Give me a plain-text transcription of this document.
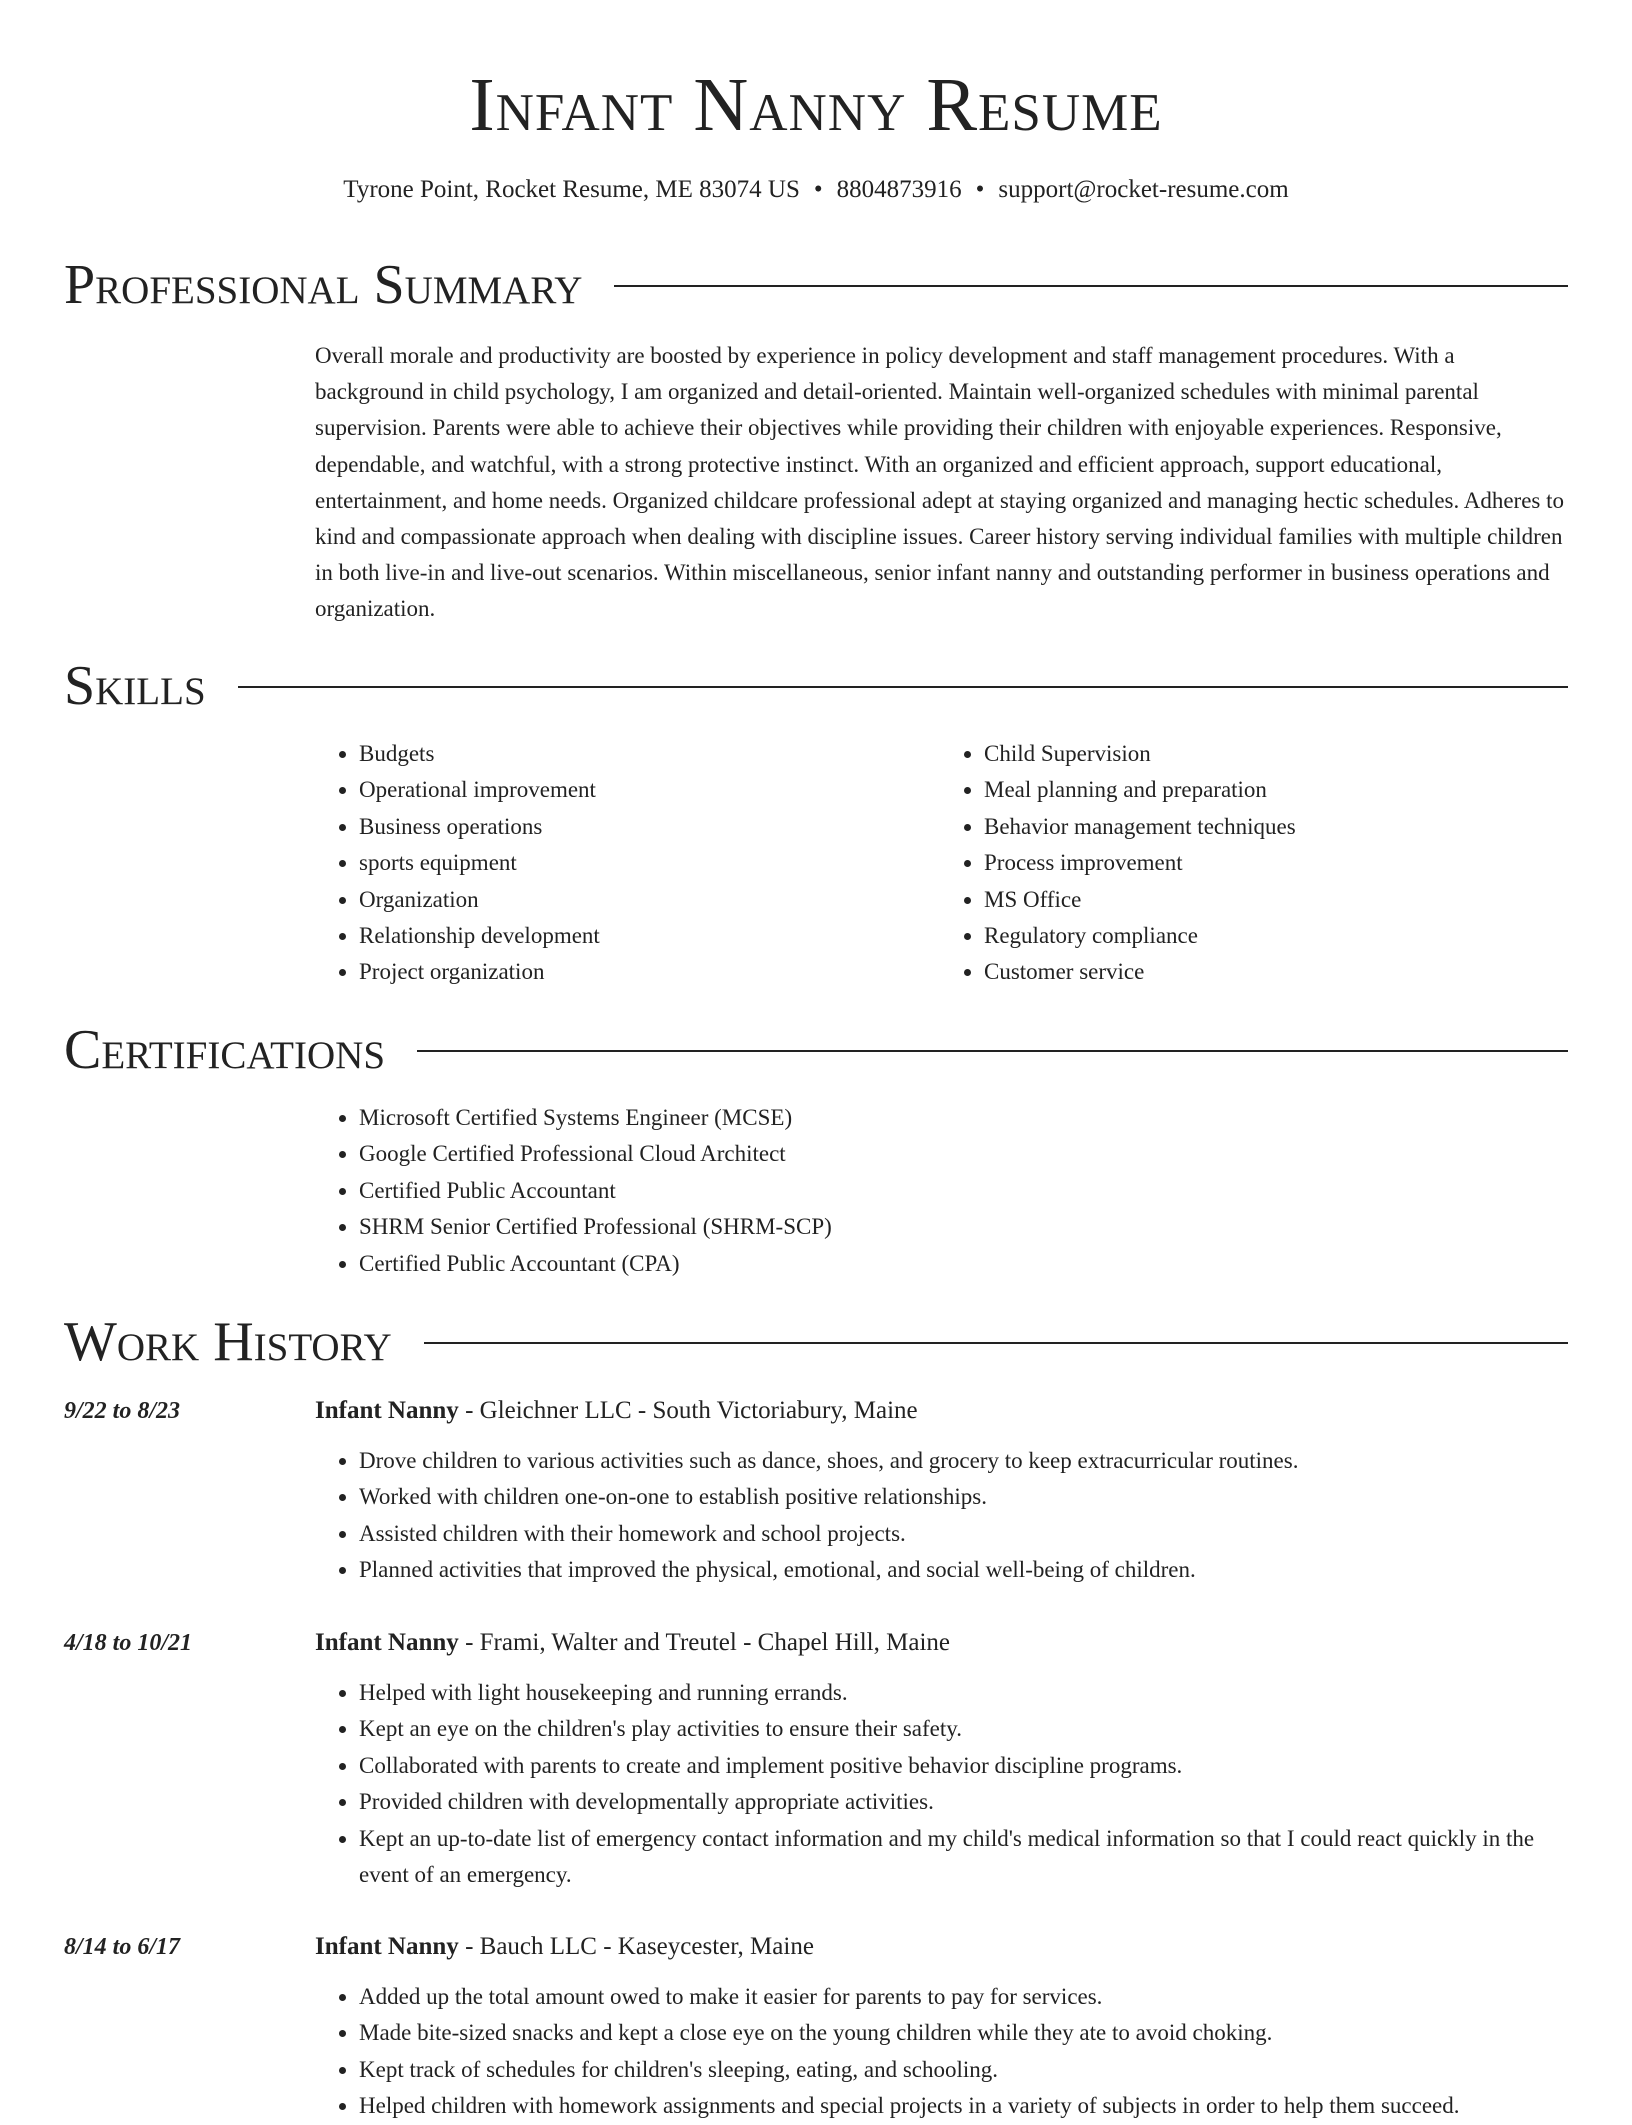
Infant Nanny Resume
Tyrone Point, Rocket Resume, ME 83074 US • 8804873916 • support@rocket-resume.com
Professional Summary

Overall morale and productivity are boosted by experience in policy development and staff management procedures. With a background in child psychology, I am organized and detail-oriented. Maintain well-organized schedules with minimal parental supervision. Parents were able to achieve their objectives while providing their children with enjoyable experiences. Responsive, dependable, and watchful, with a strong protective instinct. With an organized and efficient approach, support educational, entertainment, and home needs. Organized childcare professional adept at staying organized and managing hectic schedules. Adheres to kind and compassionate approach when dealing with discipline issues. Career history serving individual families with multiple children in both live-in and live-out scenarios. Within miscellaneous, senior infant nanny and outstanding performer in business operations and organization.

Skills
• Budgets
• Operational improvement
• Business operations
• sports equipment
• Organization
• Relationship development
• Project organization
• Child Supervision
• Meal planning and preparation
• Behavior management techniques
• Process improvement
• MS Office
• Regulatory compliance
• Customer service
Certifications
• Microsoft Certified Systems Engineer (MCSE)
• Google Certified Professional Cloud Architect
• Certified Public Accountant
• SHRM Senior Certified Professional (SHRM-SCP)
• Certified Public Accountant (CPA)
Work History
9/22 to 8/23	Infant Nanny - Gleichner LLC - South Victoriabury, Maine
• Drove children to various activities such as dance, shoes, and grocery to keep extracurricular routines.
• Worked with children one-on-one to establish positive relationships.
• Assisted children with their homework and school projects.
• Planned activities that improved the physical, emotional, and social well-being of children.
4/18 to 10/21	Infant Nanny - Frami, Walter and Treutel - Chapel Hill, Maine
• Helped with light housekeeping and running errands.
• Kept an eye on the children's play activities to ensure their safety.
• Collaborated with parents to create and implement positive behavior discipline programs.
• Provided children with developmentally appropriate activities.
• Kept an up-to-date list of emergency contact information and my child's medical information so that I could react quickly in the event of an emergency.
8/14 to 6/17	Infant Nanny - Bauch LLC - Kaseycester, Maine
• Added up the total amount owed to make it easier for parents to pay for services.
• Made bite-sized snacks and kept a close eye on the young children while they ate to avoid choking.
• Kept track of schedules for children's sleeping, eating, and schooling.
• Helped children with homework assignments and special projects in a variety of subjects in order to help them succeed.
